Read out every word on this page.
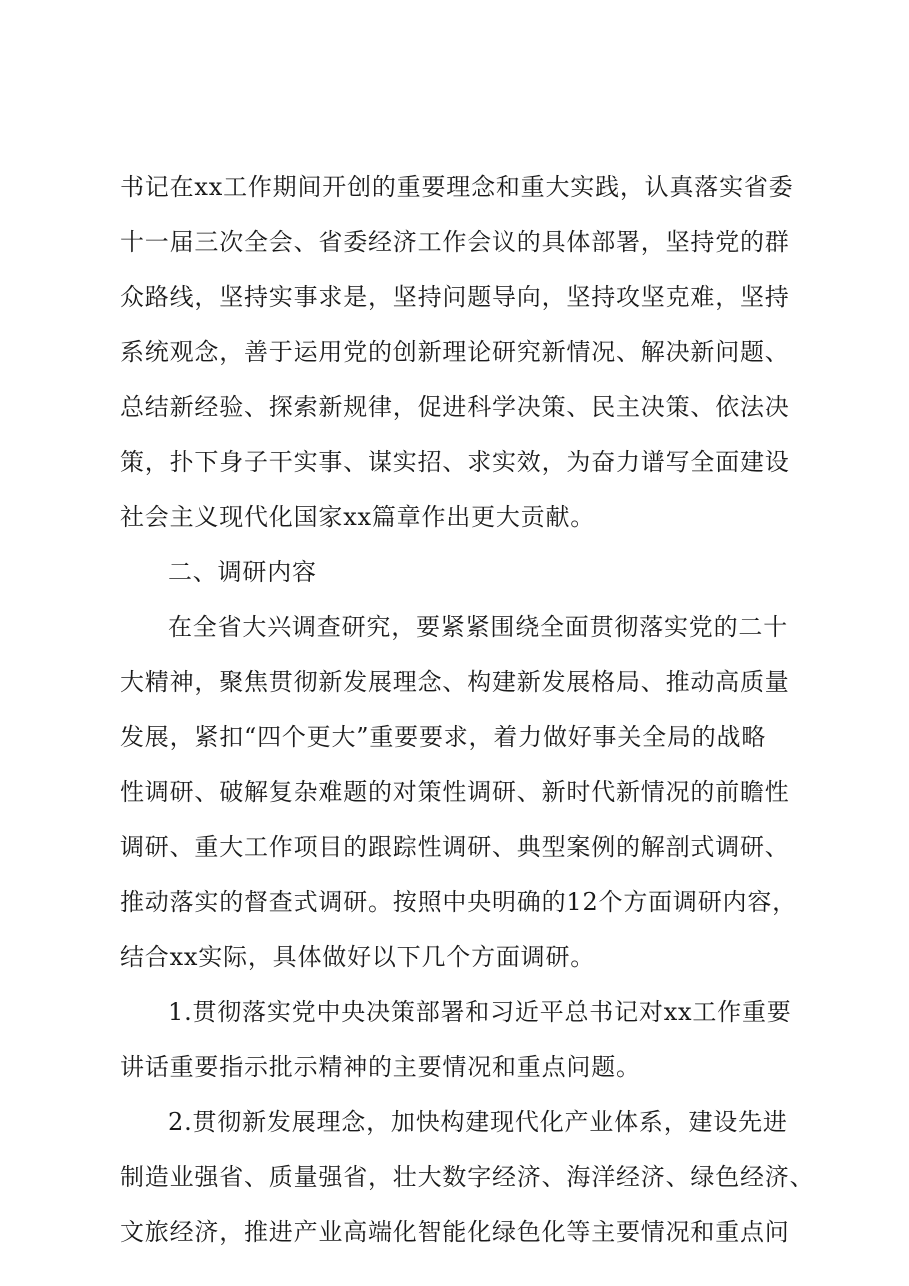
书记在xx工作期间开创的重要理念和重大实践，认真落实省委
十一届三次全会、省委经济工作会议的具体部署，坚持党的群
众路线，坚持实事求是，坚持问题导向，坚持攻坚克难，坚持
系统观念，善于运用党的创新理论研究新情况、解决新问题、
总结新经验、探索新规律，促进科学决策、民主决策、依法决
策，扑下身子干实事、谋实招、求实效，为奋力谱写全面建设
社会主义现代化国家xx篇章作出更大贡献。
二、调研内容
在全省大兴调查研究，要紧紧围绕全面贯彻落实党的二十
大精神，聚焦贯彻新发展理念、构建新发展格局、推动高质量
发展，紧扣“四个更大”重要要求，着力做好事关全局的战略
性调研、破解复杂难题的对策性调研、新时代新情况的前瞻性
调研、重大工作项目的跟踪性调研、典型案例的解剖式调研、
推动落实的督查式调研。按照中央明确的12个方面调研内容，
结合xx实际，具体做好以下几个方面调研。
1.贯彻落实党中央决策部署和习近平总书记对xx工作重要
讲话重要指示批示精神的主要情况和重点问题。
2.贯彻新发展理念，加快构建现代化产业体系，建设先进
制造业强省、质量强省，壮大数字经济、海洋经济、绿色经济、
文旅经济，推进产业高端化智能化绿色化等主要情况和重点问
